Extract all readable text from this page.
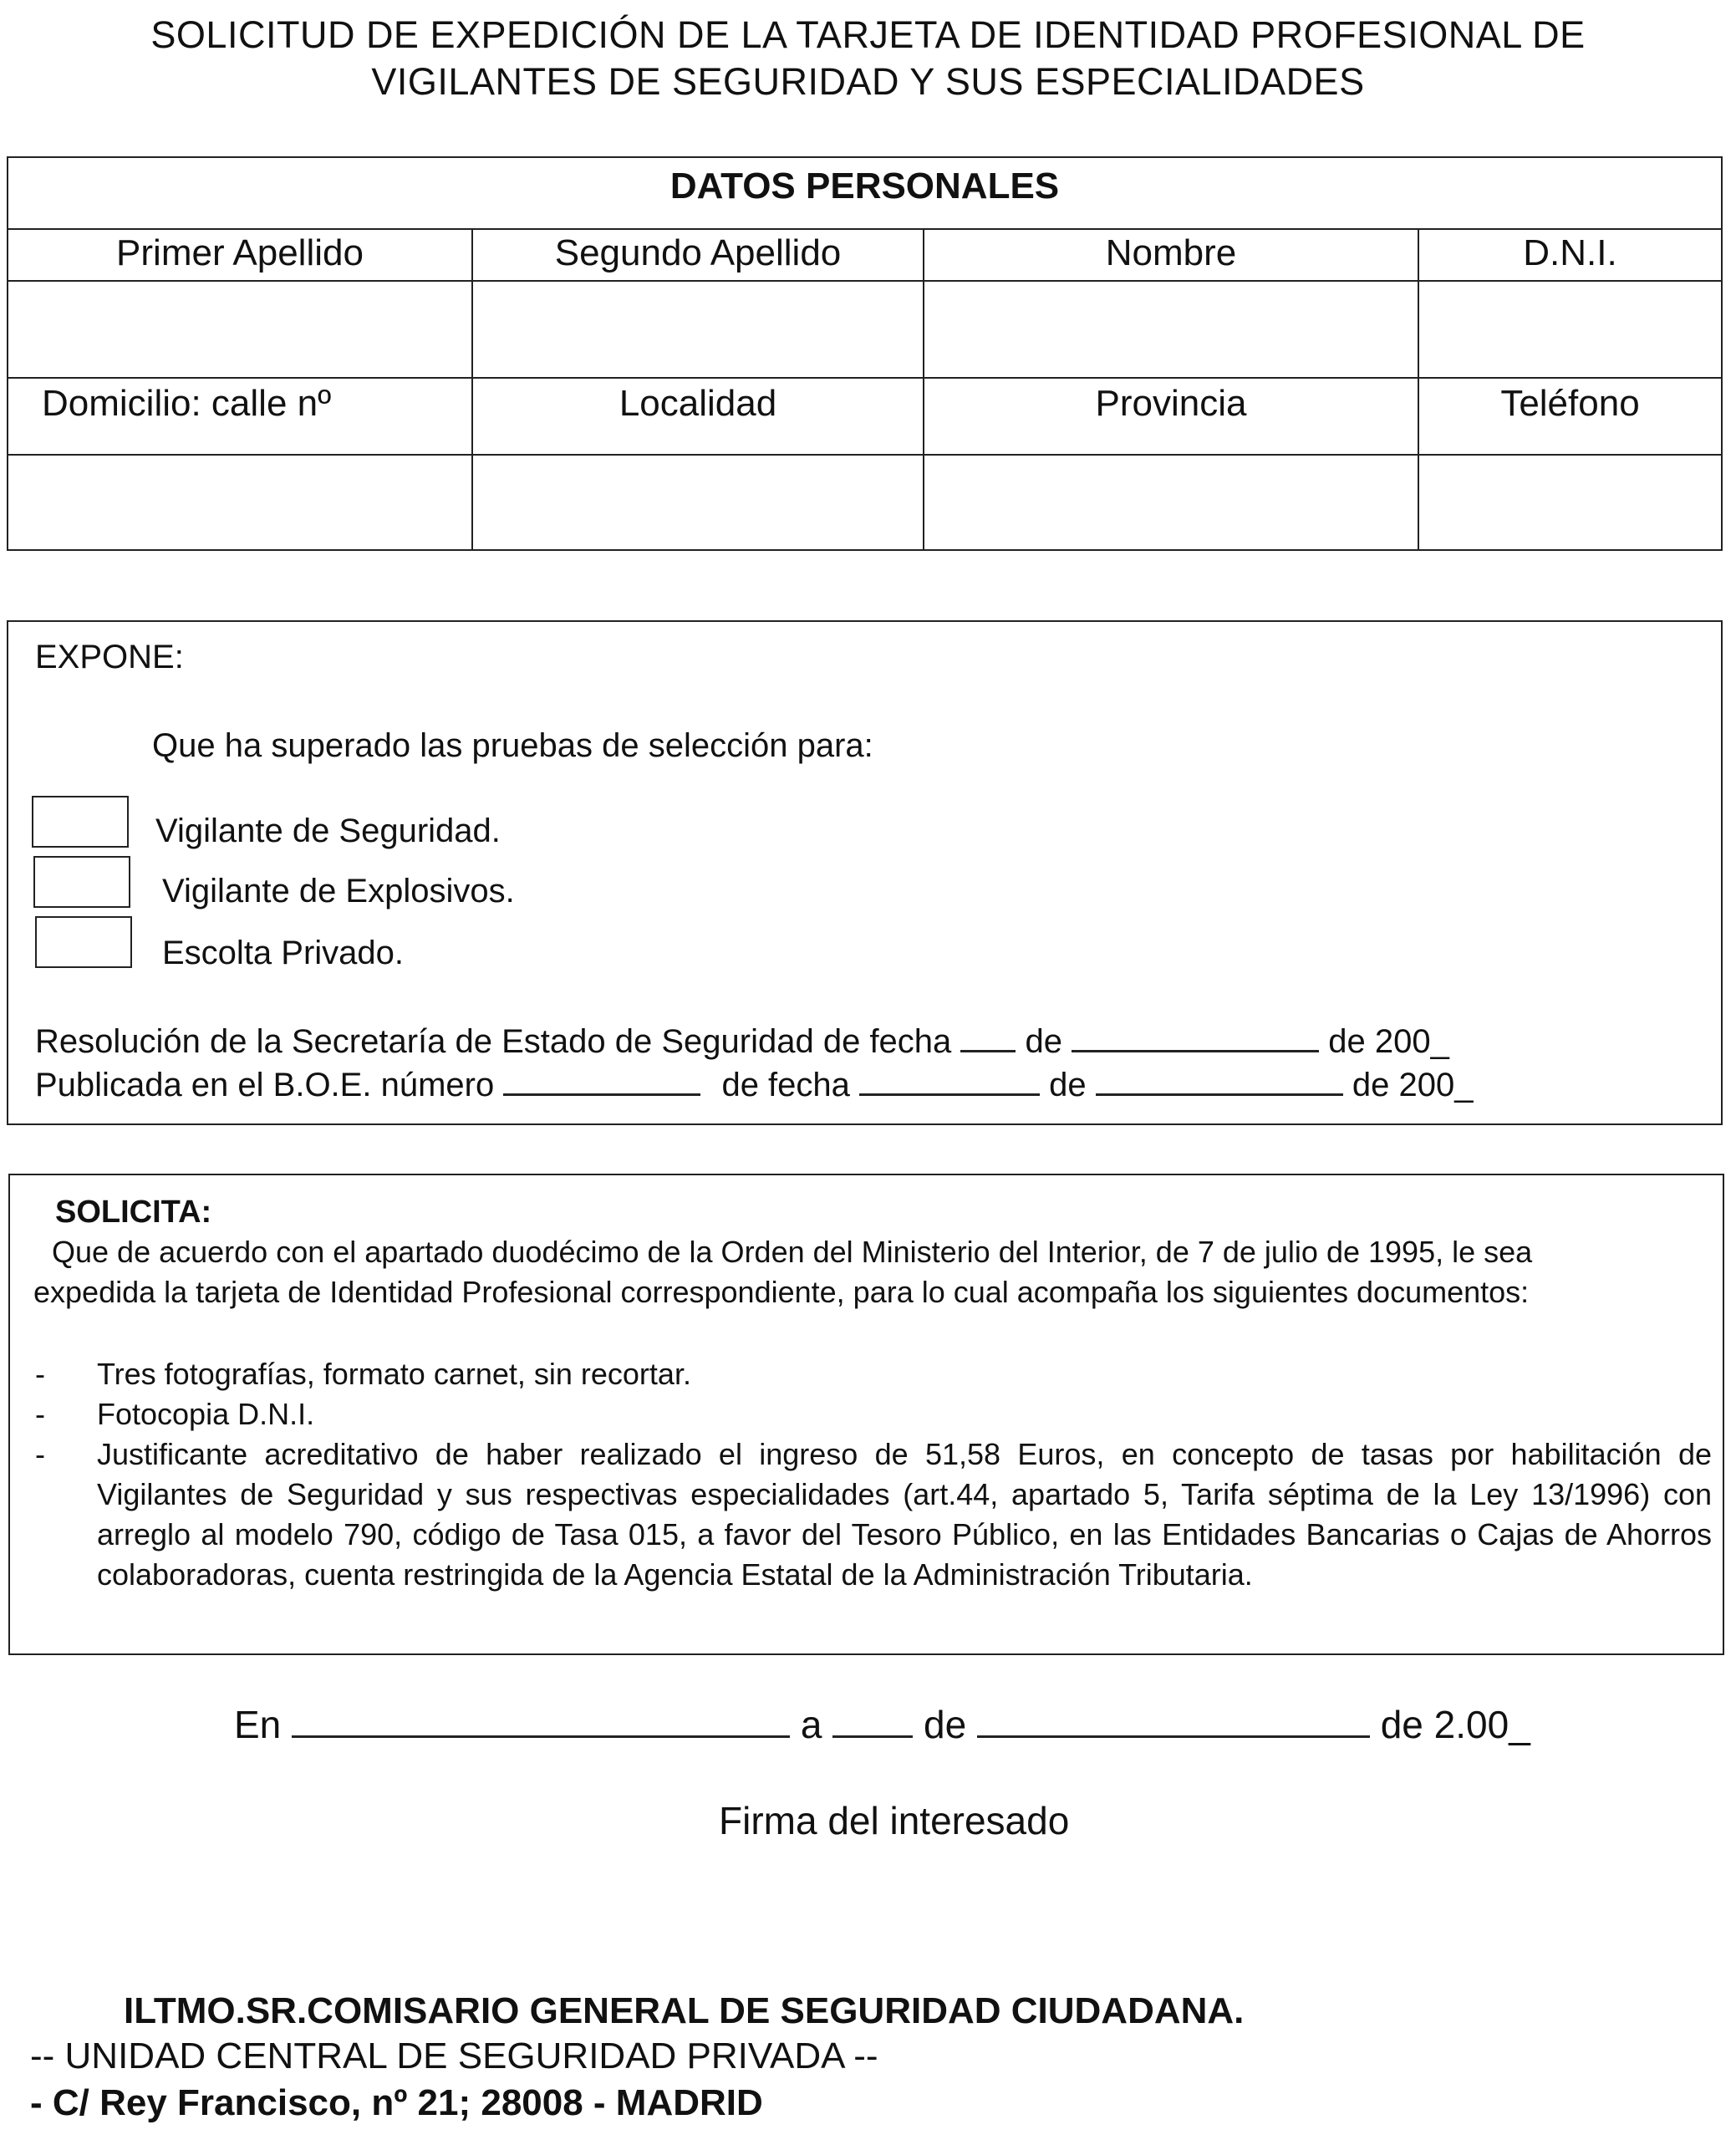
SOLICITUD DE EXPEDICIÓN DE LA TARJETA DE IDENTIDAD PROFESIONAL DE
VIGILANTES DE SEGURIDAD Y SUS ESPECIALIDADES
DATOS PERSONALES
Primer Apellido	Segundo Apellido	Nombre	D.N.I.
Domicilio: calle nº	Localidad	Provincia	Teléfono
EXPONE:
Que ha superado las pruebas de selección para:
Vigilante de Seguridad.
Vigilante de Explosivos.
Escolta Privado.
Resolución de la Secretaría de Estado de Seguridad de fecha de	de 200_
Publicada en el B.O.E. número	de fecha	de	de 200_
SOLICITA:
Que de acuerdo con el apartado duodécimo de la Orden del Ministerio del Interior, de 7 de julio de 1995, le sea
expedida la tarjeta de Identidad Profesional correspondiente, para lo cual acompaña los siguientes documentos:
- Tres fotografías, formato carnet, sin recortar.
- Fotocopia D.N.I.
- Justificante acreditativo de haber realizado el ingreso de 51,58 Euros, en concepto de tasas por habilitación de Vigilantes de Seguridad y sus respectivas especialidades (art.44, apartado 5, Tarifa séptima de la Ley 13/1996) con arreglo al modelo 790, código de Tasa 015, a favor del Tesoro Público, en las Entidades Bancarias o Cajas de Ahorros colaboradoras, cuenta restringida de la Agencia Estatal de la Administración Tributaria.
En	a	de	de 2.00_
Firma del interesado
ILTMO.SR.COMISARIO GENERAL DE SEGURIDAD CIUDADANA.
-- UNIDAD CENTRAL DE SEGURIDAD PRIVADA --
- C/ Rey Francisco, nº 21; 28008 - MADRID
